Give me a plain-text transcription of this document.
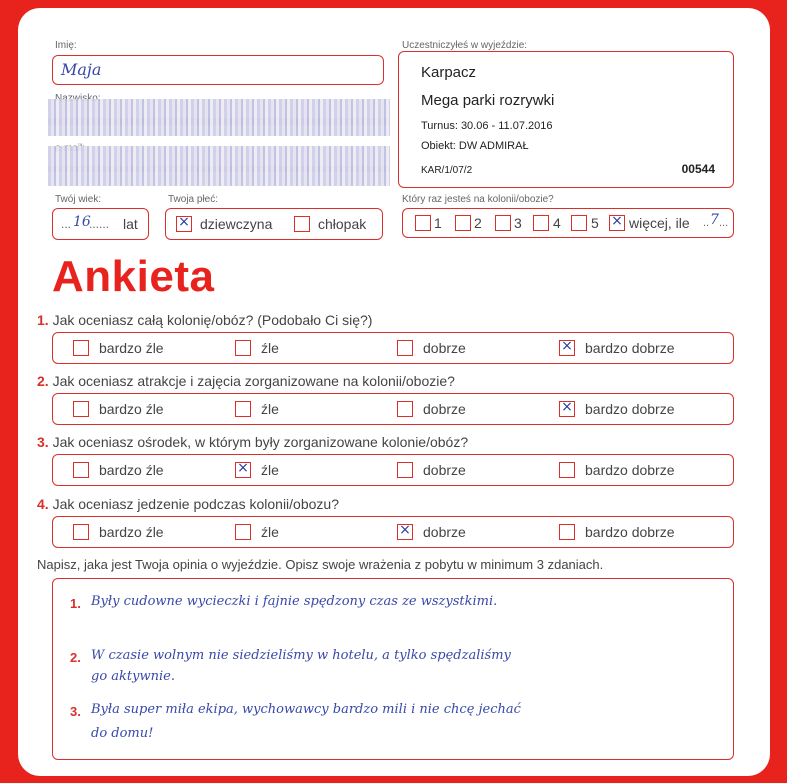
Imię:
Maja
Twój wiek:
... 16
...... lat
Twoja płeć:
× dziewczyna	chłopak
Uczestniczyłeś w wyjeździe:
Karpacz
Mega parki rozrywki
Turnus: 30.06 - 11.07.2016
Obiekt: DW ADMIRAŁ
KAR/1/07/2	00544
Który raz jesteś na kolonii/obozie?
1 2 3 4 5 × więcej, ile .. 7 ...
Ankieta
1. Jak oceniasz całą kolonię/obóz? (Podobało Ci się?)
bardzo źle	źle	dobrze	× bardzo dobrze
2. Jak oceniasz atrakcje i zajęcia zorganizowane na kolonii/obozie?
bardzo źle	źle	dobrze	× bardzo dobrze
3. Jak oceniasz ośrodek, w którym były zorganizowane kolonie/obóz?
bardzo źle	× źle	dobrze	bardzo dobrze
4. Jak oceniasz jedzenie podczas kolonii/obozu?
bardzo źle	źle	× dobrze	bardzo dobrze
Napisz, jaka jest Twoja opinia o wyjeździe. Opisz swoje wrażenia z pobytu w minimum 3 zdaniach.
1. Były cudowne wycieczki i fajnie spędzony czas ze wszystkimi.
2. W czasie wolnym nie siedzieliśmy w hotelu, a tylko spędzaliśmy
go aktywnie.
3. Była super miła ekipa, wychowawcy bardzo mili i nie chcę jechać
do domu!
